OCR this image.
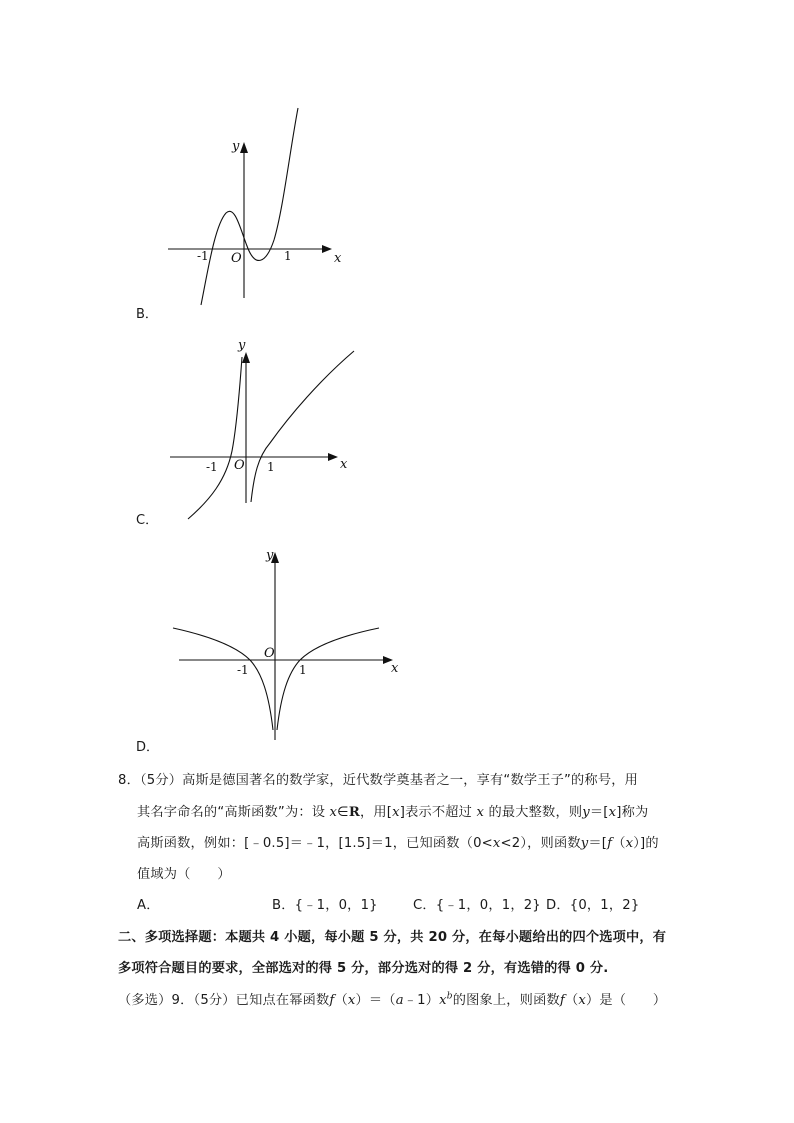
y
x
O
-1	1
B．
y
x
O
-1	1
C．
y
x
O
-1	1
D．
8．（5分）高斯是德国著名的数学家，近代数学奠基者之一，享有“数学王子”的称号，用
其名字命名的“高斯函数”为：设 x∈R，用[x]表示不超过 x 的最大整数，则y＝[x]称为
高斯函数，例如：[﹣0.5]＝﹣1，[1.5]＝1，已知函数（0<x<2），则函数y＝[f（x）]的
值域为（　　）
A．	B．{﹣1，0，1}	C．{﹣1，0，1，2} D．{0，1，2}
二、多项选择题：本题共 4 小题，每小题 5 分，共 20 分，在每小题给出的四个选项中，有
多项符合题目的要求，全部选对的得 5 分，部分选对的得 2 分，有选错的得 0 分.
（多选）9．（5分）已知点在幂函数$f(x)=(a﹣1)x^b$的图象上，则函数f（x）是（　　）
